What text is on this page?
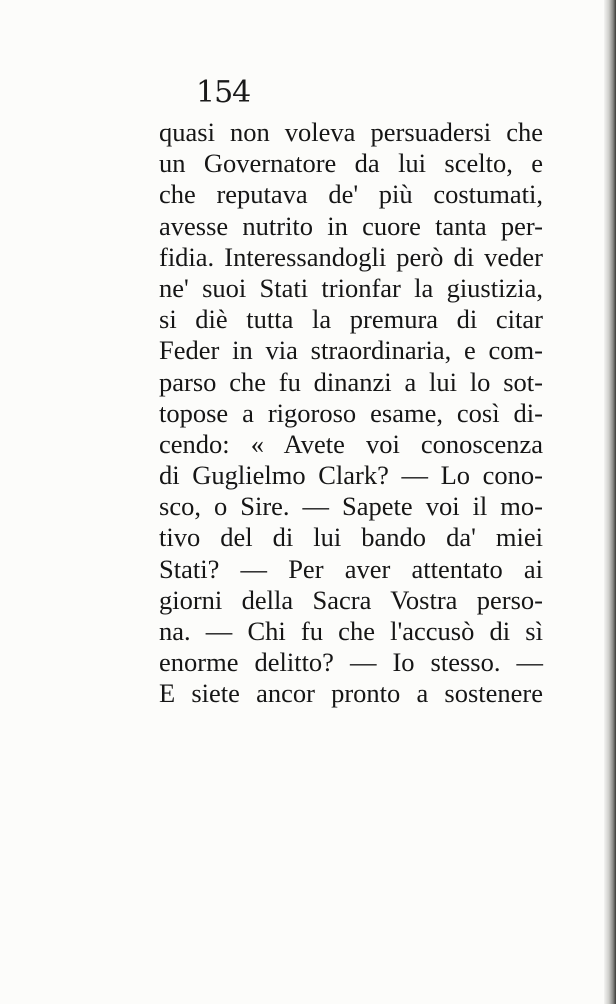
154
quasi non voleva persuadersi che
un Governatore da lui scelto, e
che reputava de' più costumati,
avesse nutrito in cuore tanta per-
fidia. Interessandogli però di veder
ne' suoi Stati trionfar la giustizia,
si diè tutta la premura di citar
Feder in via straordinaria, e com-
parso che fu dinanzi a lui lo sot-
topose a rigoroso esame, così di-
cendo: « Avete voi conoscenza
di Guglielmo Clark? — Lo cono-
sco, o Sire. — Sapete voi il mo-
tivo del di lui bando da' miei
Stati? — Per aver attentato ai
giorni della Sacra Vostra perso-
na. — Chi fu che l'accusò di sì
enorme delitto? — Io stesso. —
E siete ancor pronto a sostenere
